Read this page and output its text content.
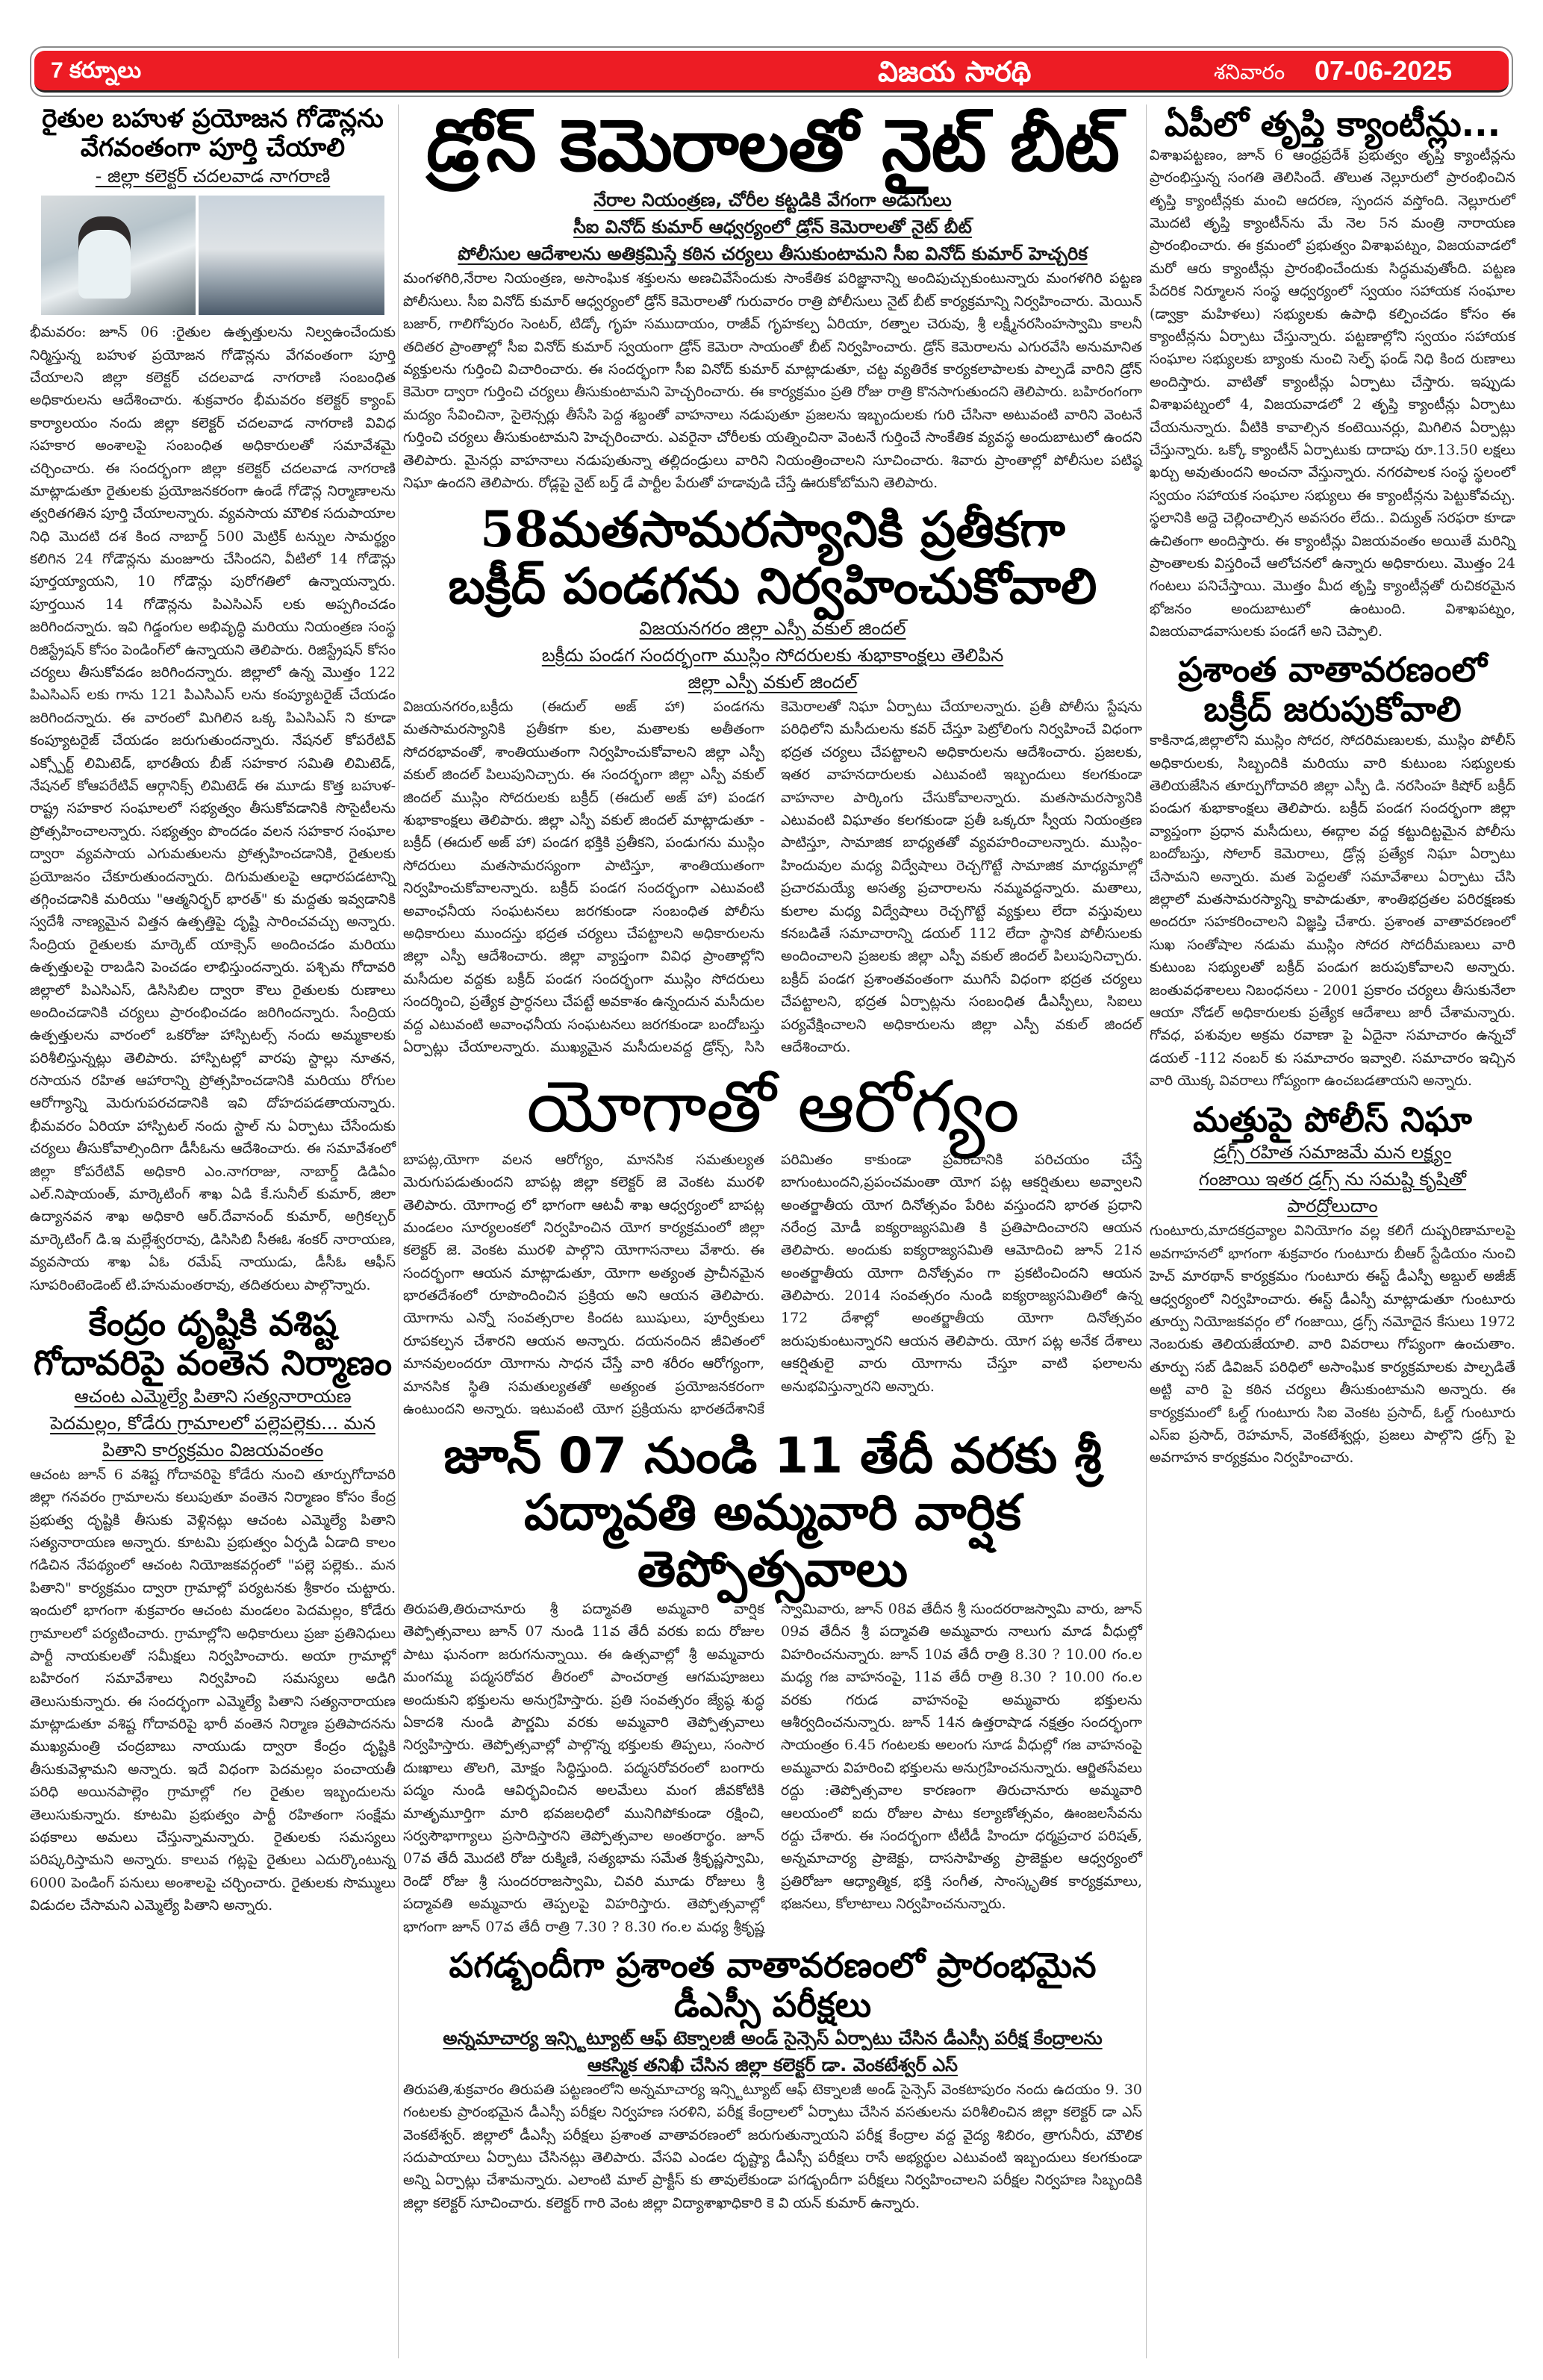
7 కర్నూలు	విజయ సారథి	శనివారం 07-06-2025
రైతుల బహుళ ప్రయోజన గోడౌన్లను
వేగవంతంగా పూర్తి చేయాలి
- జిల్లా కలెక్టర్ చదలవాడ నాగరాణి

భీమవరం: జూన్ 06 :రైతుల ఉత్పత్తులను నిల్వఉంచేందుకు నిర్మిస్తున్న బహుళ ప్రయోజన గోడౌన్లను వేగవంతంగా పూర్తి చేయాలని జిల్లా కలెక్టర్ చదలవాడ నాగరాణి సంబంధిత అధికారులను ఆదేశించారు. శుక్రవారం భీమవరం కలెక్టర్ క్యాంప్ కార్యాలయం నందు జిల్లా కలెక్టర్ చదలవాడ నాగరాణి వివిధ సహకార అంశాలపై సంబంధిత అధికారులతో సమావేశమై చర్చించారు. ఈ సందర్భంగా జిల్లా కలెక్టర్ చదలవాడ నాగరాణి మాట్లాడుతూ రైతులకు ప్రయోజనకరంగా ఉండే గోడౌన్ల నిర్మాణాలను త్వరితగతిన పూర్తి చేయాలన్నారు. వ్యవసాయ మౌలిక సదుపాయాల నిధి మొదటి దశ కింద నాబార్డ్ 500 మెట్రిక్ టన్నుల సామర్థ్యం కలిగిన 24 గోడౌన్లను మంజూరు చేసిందని, వీటిలో 14 గోడౌన్లు పూర్తయ్యాయని, 10 గోడౌన్లు పురోగతిలో ఉన్నాయన్నారు. పూర్తయిన 14 గోడౌన్లను పిఎసిఎస్ లకు అప్పగించడం జరిగిందన్నారు. ఇవి గిడ్డంగుల అభివృద్ధి మరియు నియంత్రణ సంస్థ రిజిస్ట్రేషన్ కోసం పెండింగ్‌లో ఉన్నాయని తెలిపారు. రిజిస్ట్రేషన్ కోసం చర్యలు తీసుకోవడం జరిగిందన్నారు. జిల్లాలో ఉన్న మొత్తం 122 పిఎసిఎస్ లకు గాను 121 పిఎసిఎస్ లను కంప్యూటరైజ్ చేయడం జరిగిందన్నారు. ఈ వారంలో మిగిలిన ఒక్క పిఎసిఎస్ ని కూడా కంప్యూటరైజ్ చేయడం జరుగుతుందన్నారు. నేషనల్ కోపరేటివ్ ఎక్స్పోర్ట్ లిమిటెడ్, భారతీయ బీజ్ సహకార సమితి లిమిటెడ్, నేషనల్ కోఆపరేటివ్ ఆర్గానిక్స్ లిమిటెడ్ ఈ మూడు కొత్త బహుళ-రాష్ట్ర సహకార సంఘాలలో సభ్యత్వం తీసుకోవడానికి సొసైటీలను ప్రోత్సహించాలన్నారు. సభ్యత్వం పొందడం వలన సహకార సంఘాల ద్వారా వ్యవసాయ ఎగుమతులను ప్రోత్సహించడానికి, రైతులకు ప్రయోజనం చేకూరుతుందన్నారు. దిగుమతులపై ఆధారపడటాన్ని తగ్గించడానికి మరియు "ఆత్మనిర్భర్ భారత్" కు మద్దతు ఇవ్వడానికి స్వదేశీ నాణ్యమైన విత్తన ఉత్పత్తిపై దృష్టి సారించవచ్చు అన్నారు. సేంద్రియ రైతులకు మార్కెట్ యాక్సెస్ అందించడం మరియు ఉత్పత్తులపై రాబడిని పెంచడం లాభిస్తుందన్నారు. పశ్చిమ గోదావరి జిల్లాలో పిఎసిఎస్, డిసిసిబిల ద్వారా కౌలు రైతులకు రుణాలు అందించడానికి చర్యలు ప్రారంభించడం జరిగిందన్నారు. సేంద్రియ ఉత్పత్తులను వారంలో ఒకరోజు హాస్పిటల్స్ నందు అమ్మకాలకు పరిశీలిస్తున్నట్లు తెలిపారు. హాస్పిటల్లో వారపు స్టాల్లు నూతన, రసాయన రహిత ఆహారాన్ని ప్రోత్సహించడానికి మరియు రోగుల ఆరోగ్యాన్ని మెరుగుపరచడానికి ఇవి దోహదపడతాయన్నారు. భీమవరం ఏరియా హాస్పిటల్ నందు స్టాల్ ను ఏర్పాటు చేసేందుకు చర్యలు తీసుకోవాల్సిందిగా డీసీఓను ఆదేశించారు. ఈ సమావేశంలో జిల్లా కోపరేటివ్ అధికారి ఎం.నాగరాజు, నాబార్డ్ డిడిఏం ఎల్.నిషాయంత్, మార్కెటింగ్ శాఖ ఏడి కే.సునీల్ కుమార్, జిలా ఉద్యానవన శాఖ అధికారి ఆర్.దేవానంద్ కుమార్, అగ్రికల్చర్ మార్కెటింగ్ డి.ఇ మల్లేశ్వరరావు, డిసిసిబి సీఈఓ శంకర్ నారాయణ, వ్యవసాయ శాఖ ఏఓ రమేష్ నాయుడు, డీసీఓ ఆఫీస్ సూపరింటెండెంట్ టి.హనుమంతరావు, తదితరులు పాల్గొన్నారు.

కేంద్రం దృష్టికి వశిష్ట
గోదావరిపై వంతెన నిర్మాణం
ఆచంట ఎమ్మెల్యే పితాని సత్యనారాయణ
పెదమల్లం, కోడేరు గ్రామాలలో పల్లెపల్లెకు... మన
పితాని కార్యక్రమం విజయవంతం

ఆచంట జూన్ 6 వశిష్ట గోదావరిపై కోడేరు నుంచి తూర్పుగోదావరి జిల్లా గనవరం గ్రామాలను కలుపుతూ వంతెన నిర్మాణం కోసం కేంద్ర ప్రభుత్వ దృష్టికి తీసుకు వెళ్లినట్లు ఆచంట ఎమ్మెల్యే పితాని సత్యనారాయణ అన్నారు. కూటమి ప్రభుత్వం ఏర్పడి ఏడాది కాలం గడిచిన నేపథ్యంలో ఆచంట నియోజకవర్గంలో "పల్లె పల్లెకు.. మన పితాని" కార్యక్రమం ద్వారా గ్రామాల్లో పర్యటనకు శ్రీకారం చుట్టారు. ఇందులో భాగంగా శుక్రవారం ఆచంట మండలం పెదమల్లం, కోడేరు గ్రామాలలో పర్యటించారు. గ్రామాల్లోని అధికారులు ప్రజా ప్రతినిధులు పార్టీ నాయకులతో సమీక్షలు నిర్వహించారు. అయా గ్రామాల్లో బహిరంగ సమావేశాలు నిర్వహించి సమస్యలు అడిగి తెలుసుకున్నారు. ఈ సందర్భంగా ఎమ్మెల్యే పితాని సత్యనారాయణ మాట్లాడుతూ వశిష్ట గోదావరిపై భారీ వంతెన నిర్మాణ ప్రతిపాదనను ముఖ్యమంత్రి చంద్రబాబు నాయుడు ద్వారా కేంద్రం దృష్టికి తీసుకువెళ్లామని అన్నారు. ఇదే విధంగా పెదమల్లం పంచాయతీ పరిధి అయినపాల్లెం గ్రామాల్లో గల రైతుల ఇబ్బందులను తెలుసుకున్నారు. కూటమి ప్రభుత్వం పార్టీ రహితంగా సంక్షేమ పథకాలు అమలు చేస్తున్నామన్నారు. రైతులకు సమస్యలు పరిష్కరిస్తామని అన్నారు. కాలువ గట్లపై రైతులు ఎదుర్కొంటున్న 6000 పెండింగ్ పనులు అంశాలపై చర్చించారు. రైతులకు సొమ్ములు విడుదల చేసామని ఎమ్మెల్యే పితాని అన్నారు.

డ్రోన్ కెమెరాలతో నైట్ బీట్
నేరాల నియంత్రణ, చోరీల కట్టడికి వేగంగా అడుగులు
సీఐ వినోద్ కుమార్ ఆధ్వర్యంలో డ్రోన్ కెమెరాలతో నైట్ బీట్
పోలీసుల ఆదేశాలను అతిక్రమిస్తే కఠిన చర్యలు తీసుకుంటామని సీఐ వినోద్ కుమార్ హెచ్చరిక

మంగళగిరి,నేరాల నియంత్రణ, అసాంఘిక శక్తులను అణచివేసేందుకు సాంకేతిక పరిజ్ఞానాన్ని అందిపుచ్చుకుంటున్నారు మంగళగిరి పట్టణ పోలీసులు. సీఐ వినోద్ కుమార్ ఆధ్వర్యంలో డ్రోన్ కెమెరాలతో గురువారం రాత్రి పోలీసులు నైట్ బీట్ కార్యక్రమాన్ని నిర్వహించారు. మెయిన్ బజార్, గాలిగోపురం సెంటర్, టిడ్కో గృహ సముదాయం, రాజీవ్ గృహకల్ప ఏరియా, రత్నాల చెరువు, శ్రీ లక్ష్మీనరసింహస్వామి కాలనీ తదితర ప్రాంతాల్లో సీఐ వినోద్ కుమార్ స్వయంగా డ్రోన్ కెమెరా సాయంతో బీట్ నిర్వహించారు. డ్రోన్ కెమెరాలను ఎగురవేసి అనుమానిత వ్యక్తులను గుర్తించి విచారించారు. ఈ సందర్భంగా సీఐ వినోద్ కుమార్ మాట్లాడుతూ, చట్ట వ్యతిరేక కార్యకలాపాలకు పాల్పడే వారిని డ్రోన్ కెమెరా ద్వారా గుర్తించి చర్యలు తీసుకుంటామని హెచ్చరించారు. ఈ కార్యక్రమం ప్రతి రోజు రాత్రి కొనసాగుతుందని తెలిపారు. బహిరంగంగా మద్యం సేవించినా, సైలెన్సర్లు తీసేసి పెద్ద శబ్దంతో వాహనాలు నడుపుతూ ప్రజలను ఇబ్బందులకు గురి చేసినా అటువంటి వారిని వెంటనే గుర్తించి చర్యలు తీసుకుంటామని హెచ్చరించారు. ఎవరైనా చోరీలకు యత్నించినా వెంటనే గుర్తించే సాంకేతిక వ్యవస్థ అందుబాటులో ఉందని తెలిపారు. మైనర్లు వాహనాలు నడుపుతున్నా తల్లిదండ్రులు వారిని నియంత్రించాలని సూచించారు. శివారు ప్రాంతాల్లో పోలీసుల పటిష్ఠ నిఘా ఉందని తెలిపారు. రోడ్లపై నైట్ బర్త్ డే పార్టీల పేరుతో హడావుడి చేస్తే ఊరుకోబోమని తెలిపారు.

58మతసామరస్యానికి ప్రతీకగా
బక్రీద్ పండగను నిర్వహించుకోవాలి
విజయనగరం జిల్లా ఎస్పీ వకుల్ జిందల్
బక్రీదు పండగ సందర్భంగా ముస్లిం సోదరులకు శుభాకాంక్షలు తెలిపిన
జిల్లా ఎస్పీ వకుల్ జిందల్

విజయనగరం,బక్రీదు (ఈదుల్ అజ్ హా) పండగను మతసామరస్యానికి ప్రతీకగా కుల, మతాలకు అతీతంగా సోదరభావంతో, శాంతియుతంగా నిర్వహించుకోవాలని జిల్లా ఎస్పీ వకుల్ జిందల్ పిలుపునిచ్చారు. ఈ సందర్భంగా జిల్లా ఎస్పీ వకుల్ జిందల్ ముస్లిం సోదరులకు బక్రీద్ (ఈదుల్ అజ్ హా) పండగ శుభాకాంక్షలు తెలిపారు. జిల్లా ఎస్పీ వకుల్ జిందల్ మాట్లాడుతూ - బక్రీద్ (ఈదుల్ అజ్ హా) పండగ భక్తికి ప్రతీకని, పండుగను ముస్లిం సోదరులు మతసామరస్యంగా పాటిస్తూ, శాంతియుతంగా నిర్వహించుకోవాలన్నారు. బక్రీద్ పండగ సందర్భంగా ఎటువంటి అవాంఛనీయ సంఘటనలు జరగకుండా సంబంధిత పోలీసు అధికారులు ముందస్తు భద్రత చర్యలు చేపట్టాలని అధికారులను జిల్లా ఎస్పీ ఆదేశించారు. జిల్లా వ్యాప్తంగా వివిధ ప్రాంతాల్లోని మసీదుల వద్దకు బక్రీద్ పండగ సందర్భంగా ముస్లిం సోదరులు సందర్శించి, ప్రత్యేక ప్రార్ధనలు చేపట్టే అవకాశం ఉన్నందున మసీదుల వద్ద ఎటువంటి అవాంఛనీయ సంఘటనలు జరగకుండా బందోబస్తు ఏర్పాట్లు చేయాలన్నారు. ముఖ్యమైన మసీదులవద్ద డ్రోన్స్, సిసి కెమెరాలతో నిఘా ఏర్పాటు చేయాలన్నారు. ప్రతీ పోలీసు స్టేషను పరిధిలోని మసీదులను కవర్ చేస్తూ పెట్రోలింగు నిర్వహించే విధంగా భద్రత చర్యలు చేపట్టాలని అధికారులను ఆదేశించారు. ప్రజలకు, ఇతర వాహనదారులకు ఎటువంటి ఇబ్బందులు కలగకుండా వాహనాల పార్కింగు చేసుకోవాలన్నారు. మతసామరస్యానికి ఎటువంటి విఘాతం కలగకుండా ప్రతీ ఒక్కరూ స్వీయ నియంత్రణ పాటిస్తూ, సామాజిక బాధ్యతతో వ్యవహరించాలన్నారు. ముస్లిం-హిందువుల మధ్య విద్వేషాలు రెచ్చగొట్టే సామాజిక మాధ్యమాల్లో ప్రచారమయ్యే అసత్య ప్రచారాలను నమ్మవద్దన్నారు. మతాలు, కులాల మధ్య విద్వేషాలు రెచ్చగొట్టే వ్యక్తులు లేదా వస్తువులు కనబడితే సమాచారాన్ని డయల్ 112 లేదా స్థానిక పోలీసులకు అందించాలని ప్రజలకు జిల్లా ఎస్పీ వకుల్ జిందల్ పిలుపునిచ్చారు. బక్రీద్ పండగ ప్రశాంతవంతంగా ముగిసే విధంగా భద్రత చర్యలు చేపట్టాలని, భద్రత ఏర్పాట్లను సంబంధిత డీఎస్పీలు, సిఐలు పర్యవేక్షించాలని అధికారులను జిల్లా ఎస్పీ వకుల్ జిందల్ ఆదేశించారు.

యోగాతో ఆరోగ్యం

బాపట్ల,యోగా వలన ఆరోగ్యం, మానసిక సమతుల్యత మెరుగుపడుతుందని బాపట్ల జిల్లా కలెక్టర్ జె వెంకట మురళి తెలిపారు. యోగాంధ్ర లో భాగంగా ఆటవీ శాఖ ఆధ్వర్యంలో బాపట్ల మండలం సూర్యలంకలో నిర్వహించిన యోగ కార్యక్రమంలో జిల్లా కలెక్టర్ జె. వెంకట మురళి పాల్గొని యోగాసనాలు వేశారు. ఈ సందర్భంగా ఆయన మాట్లాడుతూ, యోగా అత్యంత ప్రాచీనమైన భారతదేశంలో రూపొందించిన ప్రక్రియ అని ఆయన తెలిపారు. యోగాను ఎన్నో సంవత్సరాల కిందట ఋషులు, పూర్వీకులు రూపకల్పన చేశారని ఆయన అన్నారు. దయనందిన జీవితంలో మానవులందరూ యోగాను సాధన చేస్తే వారి శరీరం ఆరోగ్యంగా, మానసిక స్థితి సమతుల్యతతో అత్యంత ప్రయోజనకరంగా ఉంటుందని అన్నారు. ఇటువంటి యోగ ప్రక్రియను భారతదేశానికే పరిమితం కాకుండా ప్రపంచానికి పరిచయం చేస్తే బాగుంటుందని,ప్రపంచమంతా యోగ పట్ల ఆకర్షితులు అవ్వాలని అంతర్జాతీయ యోగ దినోత్సవం పేరిట వస్తుందని భారత ప్రధాని నరేంద్ర మోడీ ఐక్యరాజ్యసమితి కి ప్రతిపాదించారని ఆయన తెలిపారు. అందుకు ఐక్యరాజ్యసమితి ఆమోదించి జూన్ 21న అంతర్జాతీయ యోగా దినోత్సవం గా ప్రకటించిందని ఆయన తెలిపారు. 2014 సంవత్సరం నుండి ఐక్యరాజ్యసమితిలో ఉన్న 172 దేశాల్లో అంతర్జాతీయ యోగా దినోత్సవం జరుపుకుంటున్నారని ఆయన తెలిపారు. యోగ పట్ల అనేక దేశాలు ఆకర్షితులై వారు యోగాను చేస్తూ వాటి ఫలాలను అనుభవిస్తున్నారని అన్నారు.

జూన్ 07 నుండి 11 తేదీ వరకు శ్రీ
పద్మావతి అమ్మవారి వార్షిక తెప్పోత్సవాలు

తిరుపతి,తిరుచానూరు శ్రీ పద్మావతి అమ్మవారి వార్షిక తెప్పోత్సవాలు జూన్ 07 నుండి 11వ తేదీ వరకు ఐదు రోజుల పాటు ఘనంగా జరుగనున్నాయి. ఈ ఉత్సవాల్లో శ్రీ అమ్మవారు మంగమ్మ పద్మసరోవర తీరంలో పాంచరాత్ర ఆగమపూజలు అందుకుని భక్తులను అనుగ్రహిస్తారు. ప్రతి సంవత్సరం జ్యేష్ఠ శుద్ధ ఏకాదశి నుండి పౌర్ణమి వరకు అమ్మవారి తెప్పోత్సవాలు నిర్వహిస్తారు. తెప్పోత్సవాల్లో పాల్గొన్న భక్తులకు తిప్పలు, సంసార దుఃఖాలు తొలగి, మోక్షం సిద్ధిస్తుంది. పద్మసరోవరంలో బంగారు పద్మం నుండి ఆవిర్భవించిన అలమేలు మంగ జీవకోటికి మాతృమూర్తిగా మారి భవజలధిలో మునిగిపోకుండా రక్షించి, సర్వసౌభాగ్యాలు ప్రసాదిస్తారని తెప్పోత్సవాల అంతరార్థం. జూన్ 07వ తేదీ మొదటి రోజు రుక్మిణి, సత్యభామ సమేత శ్రీకృష్ణస్వామి, రెండో రోజు శ్రీ సుందరరాజస్వామి, చివరి మూడు రోజులు శ్రీ పద్మావతి అమ్మవారు తెప్పలపై విహరిస్తారు. తెప్పోత్సవాల్లో భాగంగా జూన్ 07వ తేదీ రాత్రి 7.30 ? 8.30 గం.ల మధ్య శ్రీకృష్ణ స్వామివారు, జూన్ 08వ తేదీన శ్రీ సుందరరాజస్వామి వారు, జూన్ 09వ తేదీన శ్రీ పద్మావతి అమ్మవారు నాలుగు మాడ వీధుల్లో విహరించనున్నారు. జూన్ 10వ తేదీ రాత్రి 8.30 ? 10.00 గం.ల మధ్య గజ వాహనంపై, 11వ తేదీ రాత్రి 8.30 ? 10.00 గం.ల వరకు గరుడ వాహనంపై అమ్మవారు భక్తులను ఆశీర్వదించనున్నారు. జూన్ 14న ఉత్తరాషాడ నక్షత్రం సందర్భంగా సాయంత్రం 6.45 గంటలకు అలంగు సూడ వీధుల్లో గజ వాహనంపై అమ్మవారు విహరించి భక్తులను అనుగ్రహించనున్నారు. ఆర్జితసేవలు రద్దు :తెప్పోత్సవాల కారణంగా తిరుచానూరు అమ్మవారి ఆలయంలో ఐదు రోజుల పాటు కల్యాణోత్సవం, ఊంజలసేవను రద్దు చేశారు. ఈ సందర్భంగా టీటీడీ హిందూ ధర్మప్రచార పరిషత్, అన్నమాచార్య ప్రాజెక్టు, దాససాహిత్య ప్రాజెక్టుల ఆధ్వర్యంలో ప్రతిరోజూ ఆధ్యాత్మిక, భక్తి సంగీత, సాంస్కృతిక కార్యక్రమాలు, భజనలు, కోలాటాలు నిర్వహించనున్నారు.

పగడ్బందీగా ప్రశాంత వాతావరణంలో ప్రారంభమైన డీఎస్సీ పరీక్షలు
అన్నమాచార్య ఇన్స్టిట్యూట్ ఆఫ్ టెక్నాలజీ అండ్ సైన్సెస్ ఏర్పాటు చేసిన డీఎస్సీ పరీక్ష కేంద్రాలను
ఆకస్మిక తనిఖీ చేసిన జిల్లా కలెక్టర్ డా. వెంకటేశ్వర్ ఎస్

తిరుపతి,శుక్రవారం తిరుపతి పట్టణంలోని అన్నమాచార్య ఇన్స్టిట్యూట్ ఆఫ్ టెక్నాలజీ అండ్ సైన్సెస్ వెంకటాపురం నందు ఉదయం 9. 30 గంటలకు ప్రారంభమైన డీఎస్సీ పరీక్షల నిర్వహణ సరళిని, పరీక్ష కేంద్రాలలో ఏర్పాటు చేసిన వసతులను పరిశీలించిన జిల్లా కలెక్టర్ డా ఎస్ వెంకటేశ్వర్. జిల్లాలో డీఎస్సీ పరీక్షలు ప్రశాంత వాతావరణంలో జరుగుతున్నాయని పరీక్ష కేంద్రాల వద్ద వైద్య శిబిరం, త్రాగునీరు, మౌలిక సదుపాయాలు ఏర్పాటు చేసినట్లు తెలిపారు. వేసవి ఎండల దృష్ట్యా డీఎస్సీ పరీక్షలు రాసే అభ్యర్థుల ఎటువంటి ఇబ్బందులు కలగకుండా అన్ని ఏర్పాట్లు చేశామన్నారు. ఎలాంటి మాల్ ప్రాక్టీస్ కు తావులేకుండా పగడ్బందీగా పరీక్షలు నిర్వహించాలని పరీక్షల నిర్వహణ సిబ్బందికి జిల్లా కలెక్టర్ సూచించారు. కలెక్టర్ గారి వెంట జిల్లా విద్యాశాఖాధికారి కె వి యన్ కుమార్ ఉన్నారు.

ఏపీలో తృప్తి క్యాంటీన్లు...

విశాఖపట్టణం, జూన్ 6 ఆంధ్రప్రదేశ్ ప్రభుత్వం తృప్తి క్యాంటీన్లను ప్రారంభిస్తున్న సంగతి తెలిసిందే. తొలుత నెల్లూరులో ప్రారంభించిన తృప్తి క్యాంటీన్లకు మంచి ఆదరణ, స్పందన వస్తోంది. నెల్లూరులో మొదటి తృప్తి క్యాంటీన్‌ను మే నెల 5న మంత్రి నారాయణ ప్రారంభించారు. ఈ క్రమంలో ప్రభుత్వం విశాఖపట్నం, విజయవాడలో మరో ఆరు క్యాంటీన్లు ప్రారంభించేందుకు సిద్ధమవుతోంది. పట్టణ పేదరిక నిర్మూలన సంస్థ ఆధ్వర్యంలో స్వయం సహాయక సంఘాల (డ్వాక్రా మహిళలు) సభ్యులకు ఉపాధి కల్పించడం కోసం ఈ క్యాంటీన్లను ఏర్పాటు చేస్తున్నారు. పట్టణాల్లోని స్వయం సహాయక సంఘాల సభ్యులకు బ్యాంకు నుంచి సెల్ఫ్ ఫండ్ నిధి కింద రుణాలు అందిస్తారు. వాటితో క్యాంటీన్లు ఏర్పాటు చేస్తారు. ఇప్పుడు విశాఖపట్నంలో 4, విజయవాడలో 2 తృప్తి క్యాంటీన్లు ఏర్పాటు చేయనున్నారు. వీటికి కావాల్సిన కంటెయినర్లు, మిగిలిన ఏర్పాట్లు చేస్తున్నారు. ఒక్కో క్యాంటీన్ ఏర్పాటుకు దాదాపు రూ.13.50 లక్షలు ఖర్చు అవుతుందని అంచనా వేస్తున్నారు. నగరపాలక సంస్థ స్థలంలో స్వయం సహాయక సంఘాల సభ్యులు ఈ క్యాంటీన్లను పెట్టుకోవచ్చు. స్థలానికి అద్దె చెల్లించాల్సిన అవసరం లేదు.. విద్యుత్ సరఫరా కూడా ఉచితంగా అందిస్తారు. ఈ క్యాంటీన్లు విజయవంతం అయితే మరిన్ని ప్రాంతాలకు విస్తరించే ఆలోచనలో ఉన్నారు అధికారులు. మొత్తం 24 గంటలు పనిచేస్తాయి. మొత్తం మీద తృప్తి క్యాంటీన్లతో రుచికరమైన భోజనం అందుబాటులో ఉంటుంది. విశాఖపట్నం, విజయవాడవాసులకు పండగే అని చెప్పాలి.

ప్రశాంత వాతావరణంలో
బక్రీద్ జరుపుకోవాలి

కాకినాడ,జిల్లాలోని ముస్లిం సోదర, సోదరిమణులకు, ముస్లిం పోలీస్ అధికారులకు, సిబ్బందికి మరియు వారి కుటుంబ సభ్యులకు తెలియజేసిన తూర్పుగోదావరి జిల్లా ఎస్పీ డి. నరసింహ కిషోర్ బక్రీద్ పండుగ శుభాకాంక్షలు తెలిపారు. బక్రీద్ పండగ సందర్భంగా జిల్లా వ్యాప్తంగా ప్రధాన మసీదులు, ఈద్గాల వద్ద కట్టుదిట్టమైన పోలీసు బందోబస్తు, సోలార్ కెమెరాలు, డ్రోన్ల ప్రత్యేక నిఘా ఏర్పాటు చేసామని అన్నారు. మత పెద్దలతో సమావేశాలు ఏర్పాటు చేసి జిల్లాలో మతసామరస్యాన్ని కాపాడుతూ, శాంతిభద్రతల పరిరక్షణకు అందరూ సహకరించాలని విజ్ఞప్తి చేశారు. ప్రశాంత వాతావరణంలో సుఖ సంతోషాల నడుమ ముస్లిం సోదర సోదరీమణులు వారి కుటుంబ సభ్యులతో బక్రీద్ పండుగ జరుపుకోవాలని అన్నారు. జంతువధశాలలు నిబంధనలు - 2001 ప్రకారం చర్యలు తీసుకునేలా ఆయా నోడల్ అధికారులకు ప్రత్యేక ఆదేశాలు జారీ చేశామన్నారు. గోవధ, పశువుల అక్రమ రవాణా పై ఏదైనా సమాచారం ఉన్నచో డయల్ -112 నంబర్ కు సమాచారం ఇవ్వాలి. సమాచారం ఇచ్చిన వారి యొక్క వివరాలు గోప్యంగా ఉంచబడతాయని అన్నారు.

మత్తుపై పోలీస్ నిఘా
డ్రగ్స్ రహిత సమాజమే మన లక్ష్యం
గంజాయి ఇతర డ్రగ్స్ ను సమష్టి కృషితో
పారద్రోలుదాం

గుంటూరు,మాదకద్రవ్యాల వినియోగం వల్ల కలిగే దుష్పరిణామాలపై అవగాహనలో భాగంగా శుక్రవారం గుంటూరు బీఆర్ స్టేడియం నుంచి హెచ్ మారథాన్ కార్యక్రమం గుంటూరు ఈస్ట్ డీఎస్పీ అబ్దుల్ అజీజ్ ఆధ్వర్యంలో నిర్వహించారు. ఈస్ట్ డీఎస్పీ మాట్లాడుతూ గుంటూరు తూర్పు నియోజకవర్గం లో గంజాయి, డ్రగ్స్ నమోదైన కేసులు 1972 నెంబరుకు తెలియజేయాలి. వారి వివరాలు గోప్యంగా ఉంచుతాం. తూర్పు సబ్ డివిజన్ పరిధిలో అసాంఘిక కార్యక్రమాలకు పాల్పడితే అట్టి వారి పై కఠిన చర్యలు తీసుకుంటామని అన్నారు. ఈ కార్యక్రమంలో ఓల్డ్ గుంటూరు సిఐ వెంకట ప్రసాద్, ఓల్డ్ గుంటూరు ఎస్ఐ ప్రసాద్, రెహమాన్, వెంకటేశ్వర్లు, ప్రజలు పాల్గొని డ్రగ్స్ పై అవగాహన కార్యక్రమం నిర్వహించారు.
